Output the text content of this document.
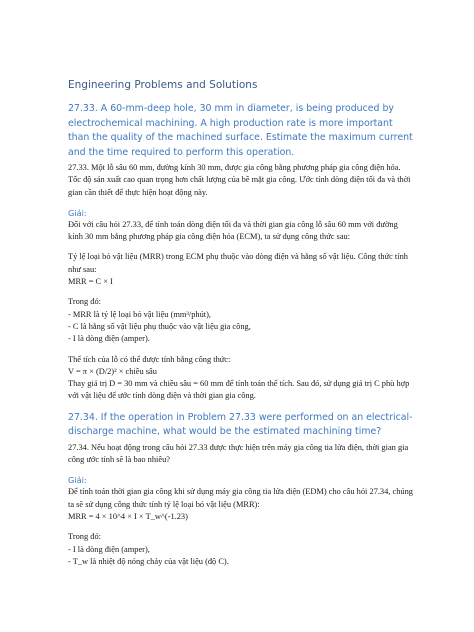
Engineering Problems and Solutions
27.33. A 60-mm-deep hole, 30 mm in diameter, is being produced by electrochemical machining. A high production rate is more important than the quality of the machined surface. Estimate the maximum current and the time required to perform this operation.

27.33. Một lỗ sâu 60 mm, đường kính 30 mm, được gia công bằng phương pháp gia công điện hóa. Tốc độ sản xuất cao quan trọng hơn chất lượng của bề mặt gia công. Ước tính dòng điện tối đa và thời gian cần thiết để thực hiện hoạt động này.

Giải:

Đối với câu hỏi 27.33, để tính toán dòng điện tối đa và thời gian gia công lỗ sâu 60 mm với đường kính 30 mm bằng phương pháp gia công điện hóa (ECM), ta sử dụng công thức sau:

Tỷ lệ loại bỏ vật liệu (MRR) trong ECM phụ thuộc vào dòng điện và hằng số vật liệu. Công thức tính như sau:

MRR = C × I

Trong đó:

- MRR là tỷ lệ loại bỏ vật liệu (mm³/phút),

- C là hằng số vật liệu phụ thuộc vào vật liệu gia công,

- I là dòng điện (amper).

Thể tích của lỗ có thể được tính bằng công thức:

V = π × (D/2)² × chiều sâu

Thay giá trị D = 30 mm và chiều sâu = 60 mm để tính toán thể tích. Sau đó, sử dụng giá trị C phù hợp với vật liệu để ước tính dòng điện và thời gian gia công.

27.34. If the operation in Problem 27.33 were performed on an electrical-discharge machine, what would be the estimated machining time?

27.34. Nếu hoạt động trong câu hỏi 27.33 được thực hiện trên máy gia công tia lửa điện, thời gian gia công ước tính sẽ là bao nhiêu?

Giải:

Để tính toán thời gian gia công khi sử dụng máy gia công tia lửa điện (EDM) cho câu hỏi 27.34, chúng ta sẽ sử dụng công thức tính tỷ lệ loại bỏ vật liệu (MRR):

MRR = 4 × 10^4 × I × T_w^(-1.23)

Trong đó:

- I là dòng điện (amper),

- T_w là nhiệt độ nóng chảy của vật liệu (độ C).
